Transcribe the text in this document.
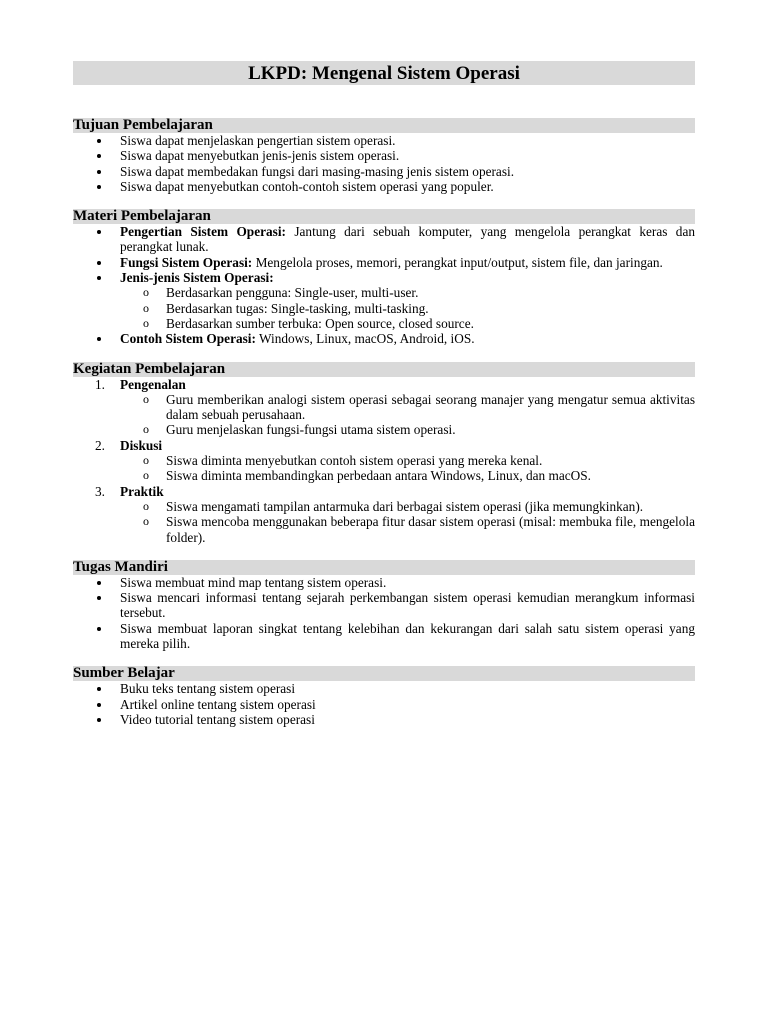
LKPD: Mengenal Sistem Operasi
Tujuan Pembelajaran
Siswa dapat menjelaskan pengertian sistem operasi.
Siswa dapat menyebutkan jenis-jenis sistem operasi.
Siswa dapat membedakan fungsi dari masing-masing jenis sistem operasi.
Siswa dapat menyebutkan contoh-contoh sistem operasi yang populer.
Materi Pembelajaran
Pengertian Sistem Operasi: Jantung dari sebuah komputer, yang mengelola perangkat keras dan perangkat lunak.
Fungsi Sistem Operasi: Mengelola proses, memori, perangkat input/output, sistem file, dan jaringan.
Jenis-jenis Sistem Operasi:
o Berdasarkan pengguna: Single-user, multi-user.
o Berdasarkan tugas: Single-tasking, multi-tasking.
o Berdasarkan sumber terbuka: Open source, closed source.
Contoh Sistem Operasi: Windows, Linux, macOS, Android, iOS.
Kegiatan Pembelajaran
1. Pengenalan
o Guru memberikan analogi sistem operasi sebagai seorang manajer yang mengatur semua aktivitas dalam sebuah perusahaan.
o Guru menjelaskan fungsi-fungsi utama sistem operasi.
2. Diskusi
o Siswa diminta menyebutkan contoh sistem operasi yang mereka kenal.
o Siswa diminta membandingkan perbedaan antara Windows, Linux, dan macOS.
3. Praktik
o Siswa mengamati tampilan antarmuka dari berbagai sistem operasi (jika memungkinkan).
o Siswa mencoba menggunakan beberapa fitur dasar sistem operasi (misal: membuka file, mengelola folder).
Tugas Mandiri
Siswa membuat mind map tentang sistem operasi.
Siswa mencari informasi tentang sejarah perkembangan sistem operasi kemudian merangkum informasi tersebut.
Siswa membuat laporan singkat tentang kelebihan dan kekurangan dari salah satu sistem operasi yang mereka pilih.
Sumber Belajar
Buku teks tentang sistem operasi
Artikel online tentang sistem operasi
Video tutorial tentang sistem operasi
